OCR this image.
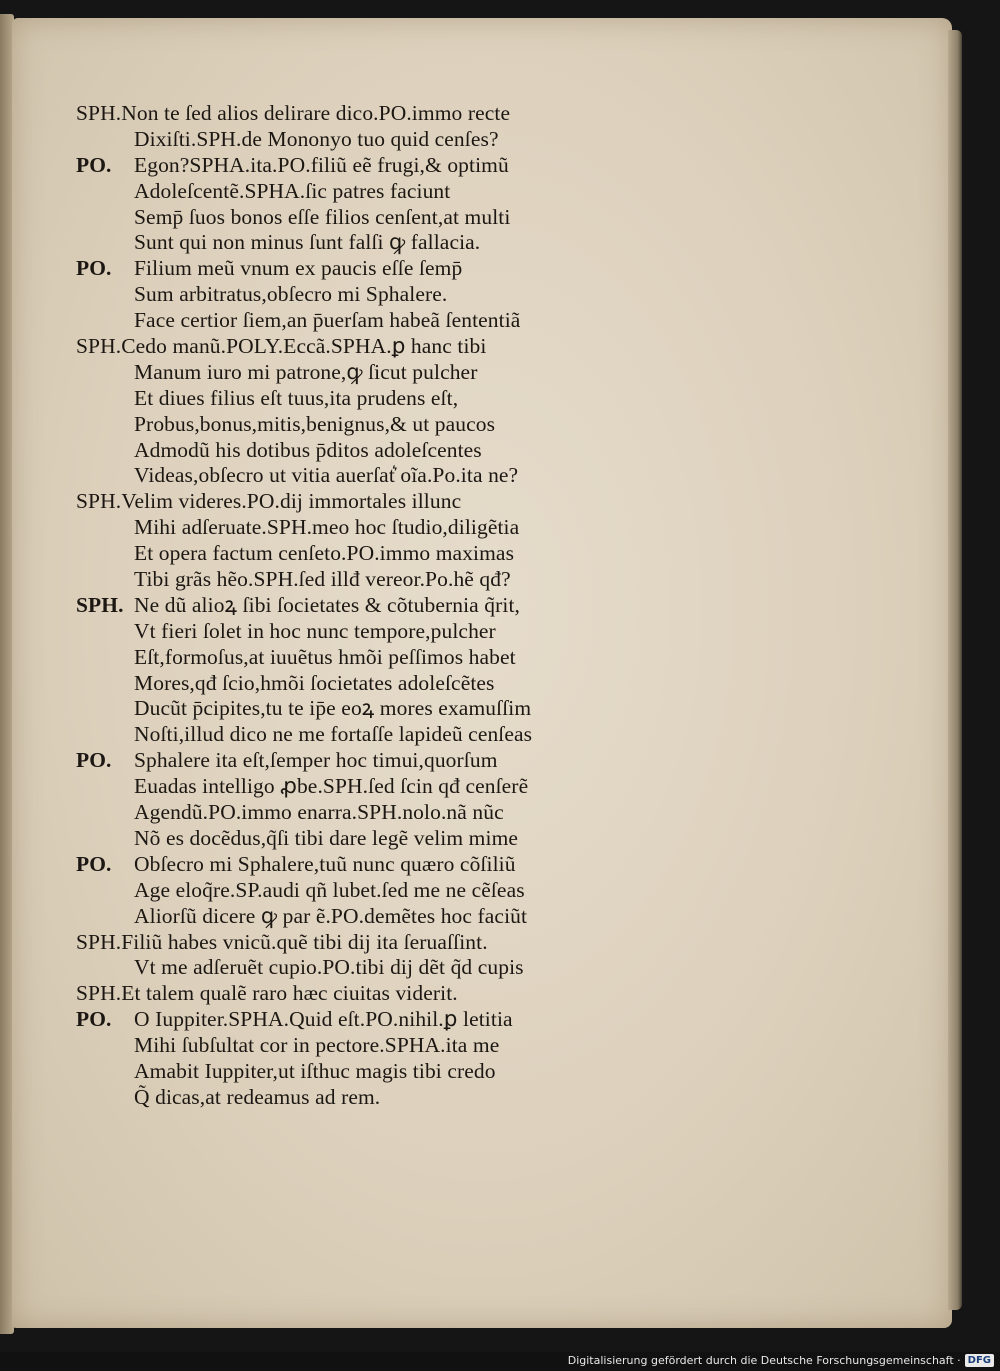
SPH.Non te ſed alios delirare dico.PO.immo recte
Dixiſti.SPH.de Mononyo tuo quid cenſes?
PO.	Egon?SPHA.ita.PO.filiũ eẽ frugi,& optimũ
Adoleſcentẽ.SPHA.ſic patres faciunt
Semp̄ ſuos bonos eſſe filios cenſent,at multi
Sunt qui non minus ſunt falſi ꝙ fallacia.
PO.	Filium meũ vnum ex paucis eſſe ſemp̄
Sum arbitratus,obſecro mi Sphalere.
Face certior ſiem,an p̄uerſam habeã ſententiã
SPH.Cedo manũ.POLY.Eccã.SPHA.ꝑ hanc tibi
Manum iuro mi patrone,ꝙ ſicut pulcher
Et diues filius eſt tuus,ita prudens eſt,
Probus,bonus,mitis,benignus,& ut paucos
Admodũ his dotibus p̄ditos adoleſcentes
Videas,obſecro ut vitia auerſat͛ oĩa.Po.ita ne?
SPH.Velim videres.PO.dij immortales illunc
Mihi adſeruate.SPH.meo hoc ſtudio,diligẽtia
Et opera factum cenſeto.PO.immo maximas
Tibi grãs hẽo.SPH.ſed illđ vereor.Po.hẽ qđ?
SPH. Ne dũ alioꝝ ſibi ſocietates & cõtubernia q̃rit,
Vt fieri ſolet in hoc nunc tempore,pulcher
Eſt,formoſus,at iuuẽtus hmõi peſſimos habet
Mores,qđ ſcio,hmõi ſocietates adoleſcẽtes
Ducũt p̄cipites,tu te ip̄e eoꝝ mores examuſſim
Noſti,illud dico ne me fortaſſe lapideũ cenſeas
PO.	Sphalere ita eſt,ſemper hoc timui,quorſum
Euadas intelligo ꝓbe.SPH.ſed ſcin qđ cenſerẽ
Agendũ.PO.immo enarra.SPH.nolo.nã nũc
Nõ es docẽdus,q̃ſi tibi dare legẽ velim mime
PO.	Obſecro mi Sphalere,tuũ nunc quæro cõſiliũ
Age eloq̃re.SP.audi qñ lubet.ſed me ne cẽſeas
Aliorſũ dicere ꝙ par ẽ.PO.demẽtes hoc faciũt
SPH.Filiũ habes vnicũ.quẽ tibi dij ita ſeruaſſint.
Vt me adſeruẽt cupio.PO.tibi dij dẽt q̃d cupis
SPH.Et talem qualẽ raro hæc ciuitas viderit.
PO.	O Iuppiter.SPHA.Quid eſt.PO.nihil.ꝑ letitia
Mihi ſubſultat cor in pectore.SPHA.ita me
Amabit Iuppiter,ut iſthuc magis tibi credo
Q̃ dicas,at redeamus ad rem.
Digitalisierung gefördert durch die Deutsche Forschungsgemeinschaft · DFG
